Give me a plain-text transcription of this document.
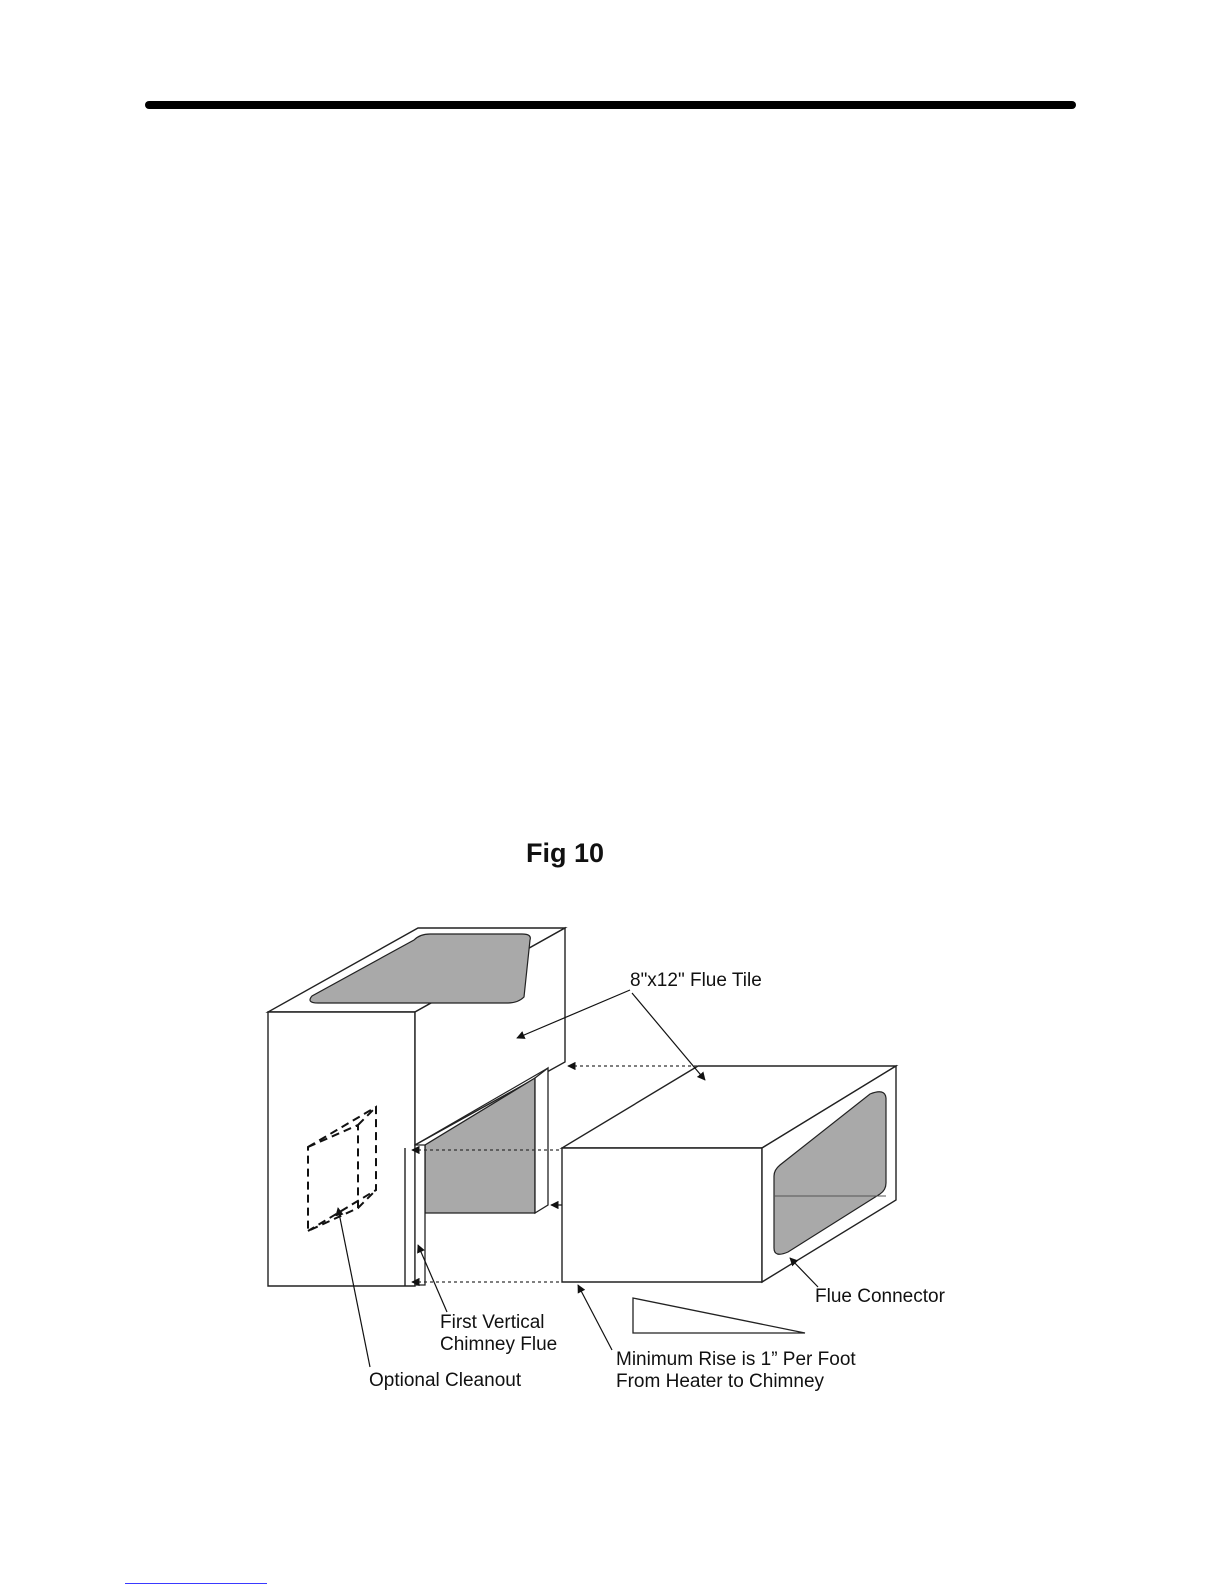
Fig 10
8"x12" Flue Tile
Flue Connector
First Vertical
Chimney Flue
Optional Cleanout
Minimum Rise is 1” Per Foot
From Heater to Chimney
